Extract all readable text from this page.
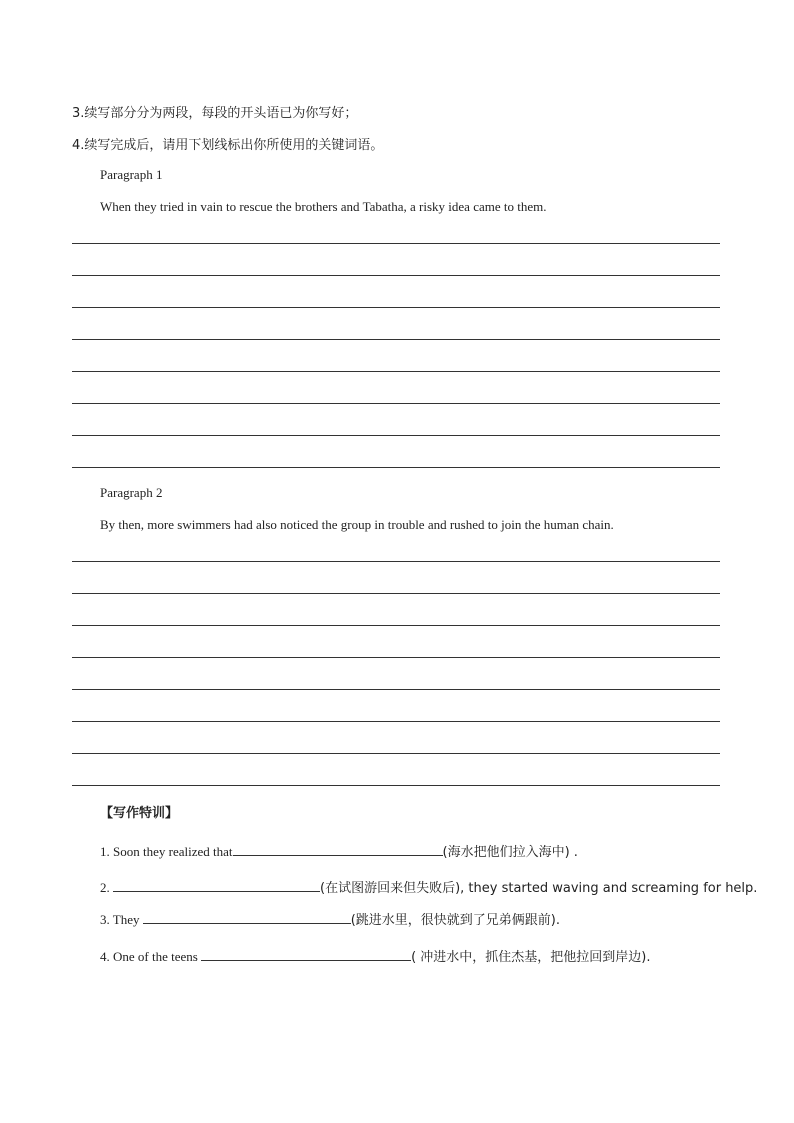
3.续写部分分为两段，每段的开头语已为你写好；
4.续写完成后，请用下划线标出你所使用的关键词语。
Paragraph 1
When they tried in vain to rescue the brothers and Tabatha, a risky idea came to them.
Paragraph 2
By then, more swimmers had also noticed the group in trouble and rushed to join the human chain.
【写作特训】
1. Soon they realized that	(海水把他们拉入海中) .
2.	(在试图游回来但失败后), they started waving and screaming for help.
3. They	(跳进水里，很快就到了兄弟俩跟前).
4. One of the teens	( 冲进水中，抓住杰基，把他拉回到岸边).
